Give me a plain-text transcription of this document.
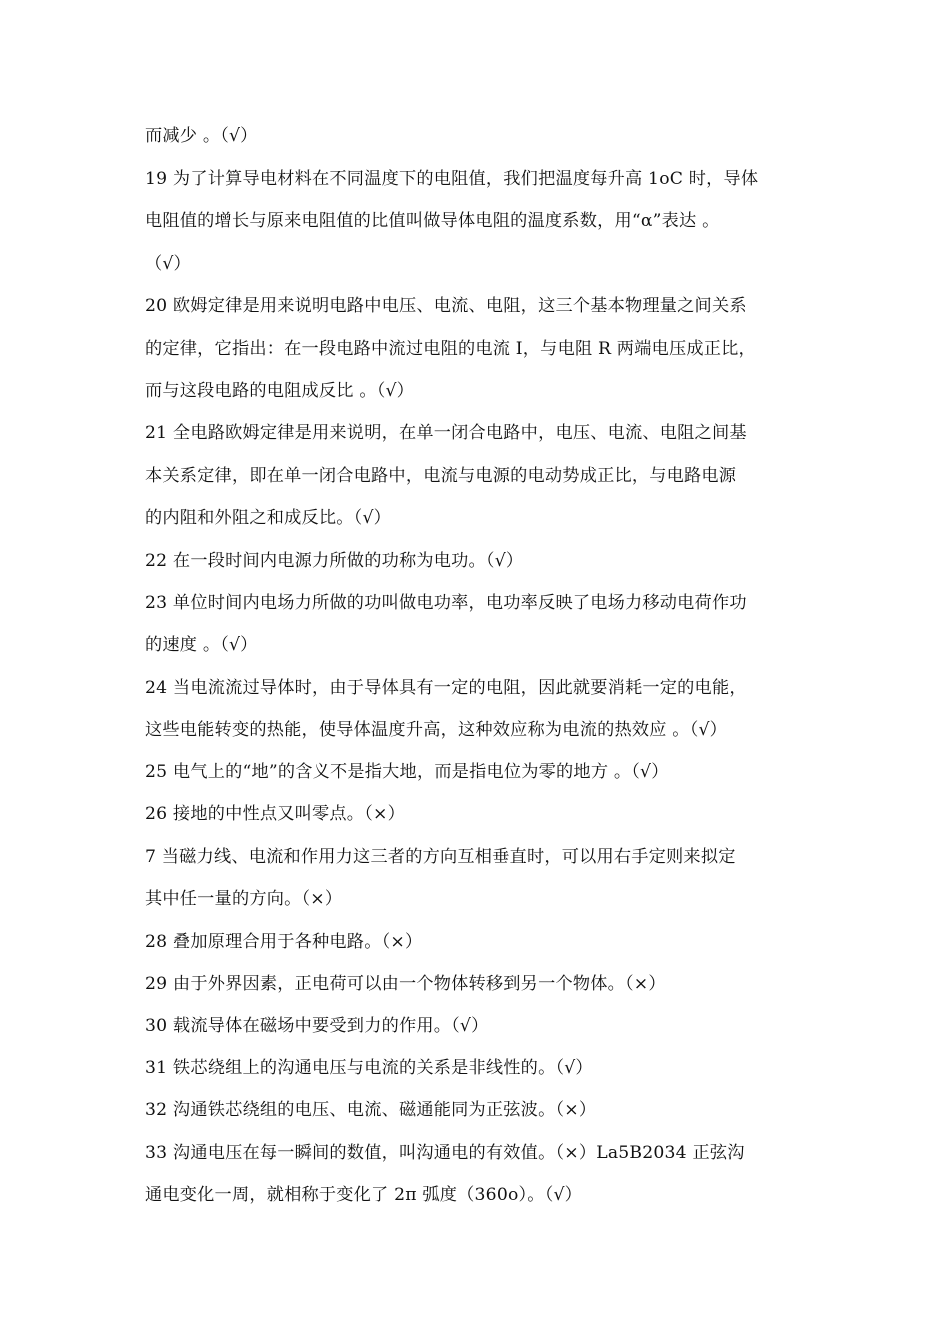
而减少 。（√）
19 为了计算导电材料在不同温度下的电阻值，我们把温度每升高 1oC 时，导体
电阻值的增长与原来电阻值的比值叫做导体电阻的温度系数，用“α”表达 。
（√）
20 欧姆定律是用来说明电路中电压、电流、电阻，这三个基本物理量之间关系
的定律，它指出：在一段电路中流过电阻的电流 I，与电阻 R 两端电压成正比，
而与这段电路的电阻成反比 。（√）
21 全电路欧姆定律是用来说明，在单一闭合电路中，电压、电流、电阻之间基
本关系定律，即在单一闭合电路中，电流与电源的电动势成正比，与电路电源
的内阻和外阻之和成反比。（√）
22 在一段时间内电源力所做的功称为电功。（√）
23 单位时间内电场力所做的功叫做电功率，电功率反映了电场力移动电荷作功
的速度 。（√）
24 当电流流过导体时，由于导体具有一定的电阻，因此就要消耗一定的电能，
这些电能转变的热能，使导体温度升高，这种效应称为电流的热效应 。（√）
25 电气上的“地”的含义不是指大地，而是指电位为零的地方 。（√）
26 接地的中性点又叫零点。（×）
7 当磁力线、电流和作用力这三者的方向互相垂直时，可以用右手定则来拟定
其中任一量的方向。（×）
28 叠加原理合用于各种电路。（×）
29 由于外界因素，正电荷可以由一个物体转移到另一个物体。（×）
30 载流导体在磁场中要受到力的作用。（√）
31 铁芯绕组上的沟通电压与电流的关系是非线性的。（√）
32 沟通铁芯绕组的电压、电流、磁通能同为正弦波。（×）
33 沟通电压在每一瞬间的数值，叫沟通电的有效值。（×）La5B2034 正弦沟
通电变化一周，就相称于变化了 2π 弧度（360o）。（√）
